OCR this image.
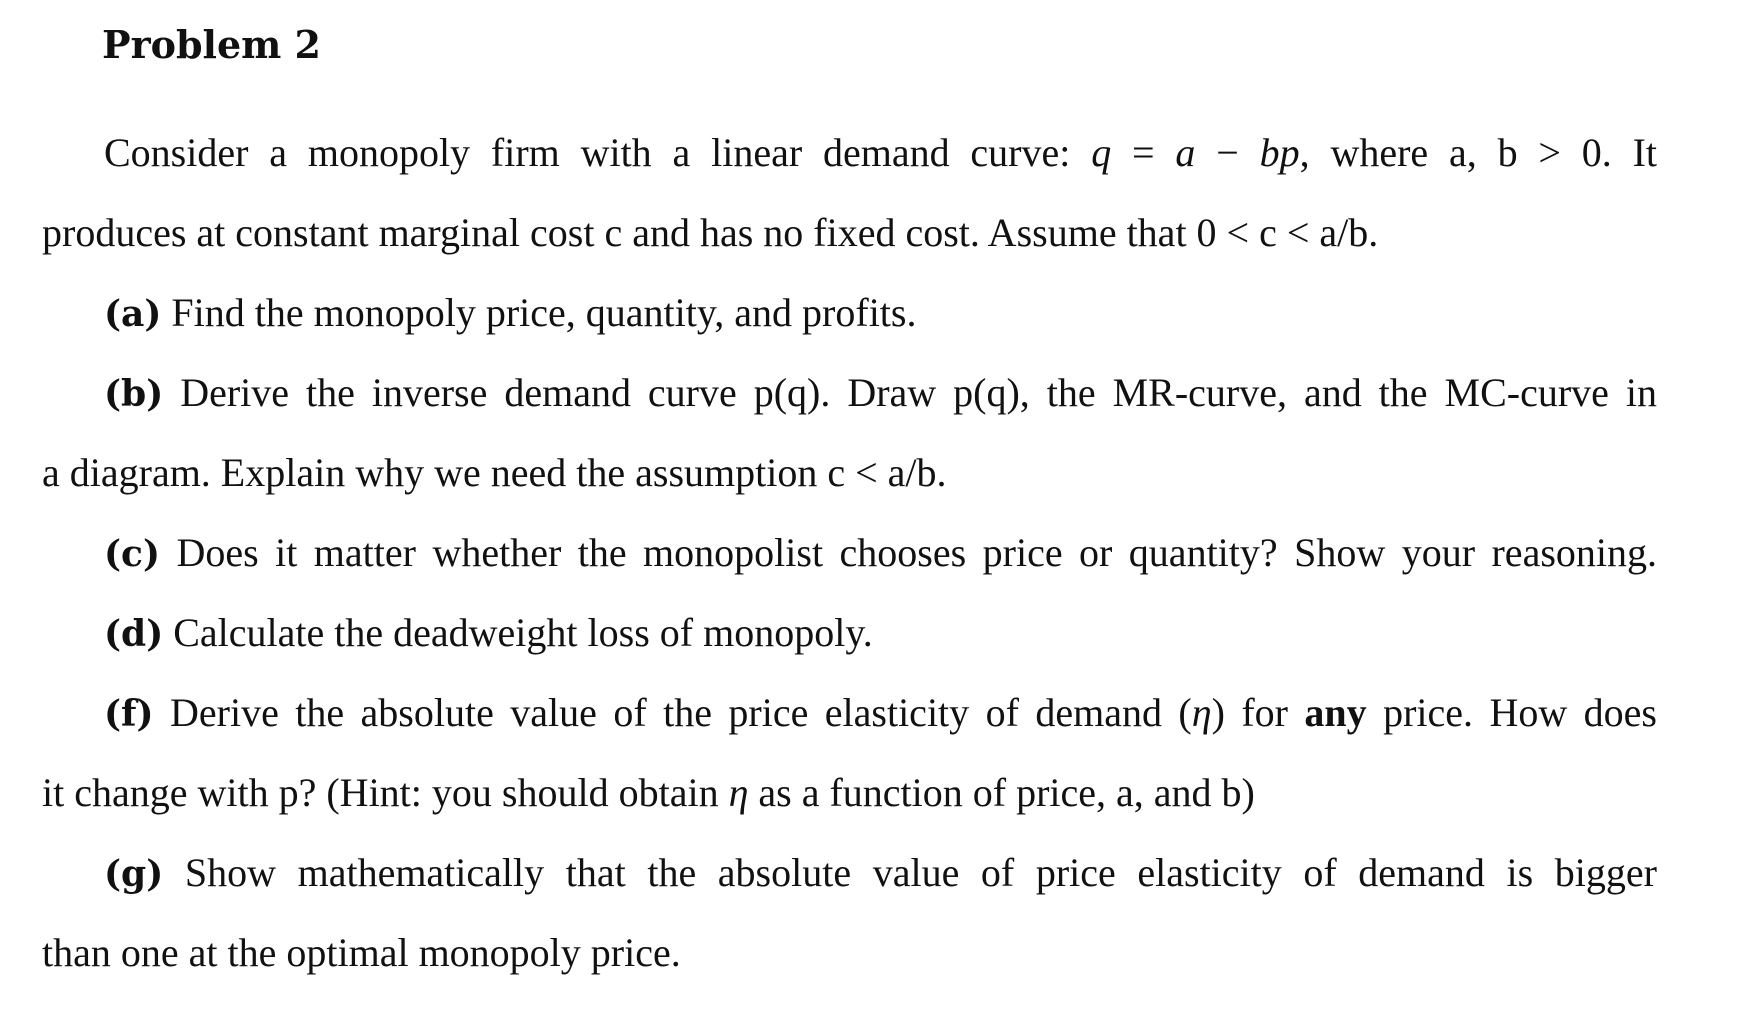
Problem 2
Consider a monopoly firm with a linear demand curve: q = a − bp, where a, b > 0. It
produces at constant marginal cost c and has no fixed cost. Assume that 0 < c < a/b.
(a) Find the monopoly price, quantity, and profits.
(b) Derive the inverse demand curve p(q). Draw p(q), the MR-curve, and the MC-curve in
a diagram. Explain why we need the assumption c < a/b.
(c) Does it matter whether the monopolist chooses price or quantity? Show your reasoning.
(d) Calculate the deadweight loss of monopoly.
(f) Derive the absolute value of the price elasticity of demand (η) for any price. How does
it change with p? (Hint: you should obtain η as a function of price, a, and b)
(g) Show mathematically that the absolute value of price elasticity of demand is bigger
than one at the optimal monopoly price.
